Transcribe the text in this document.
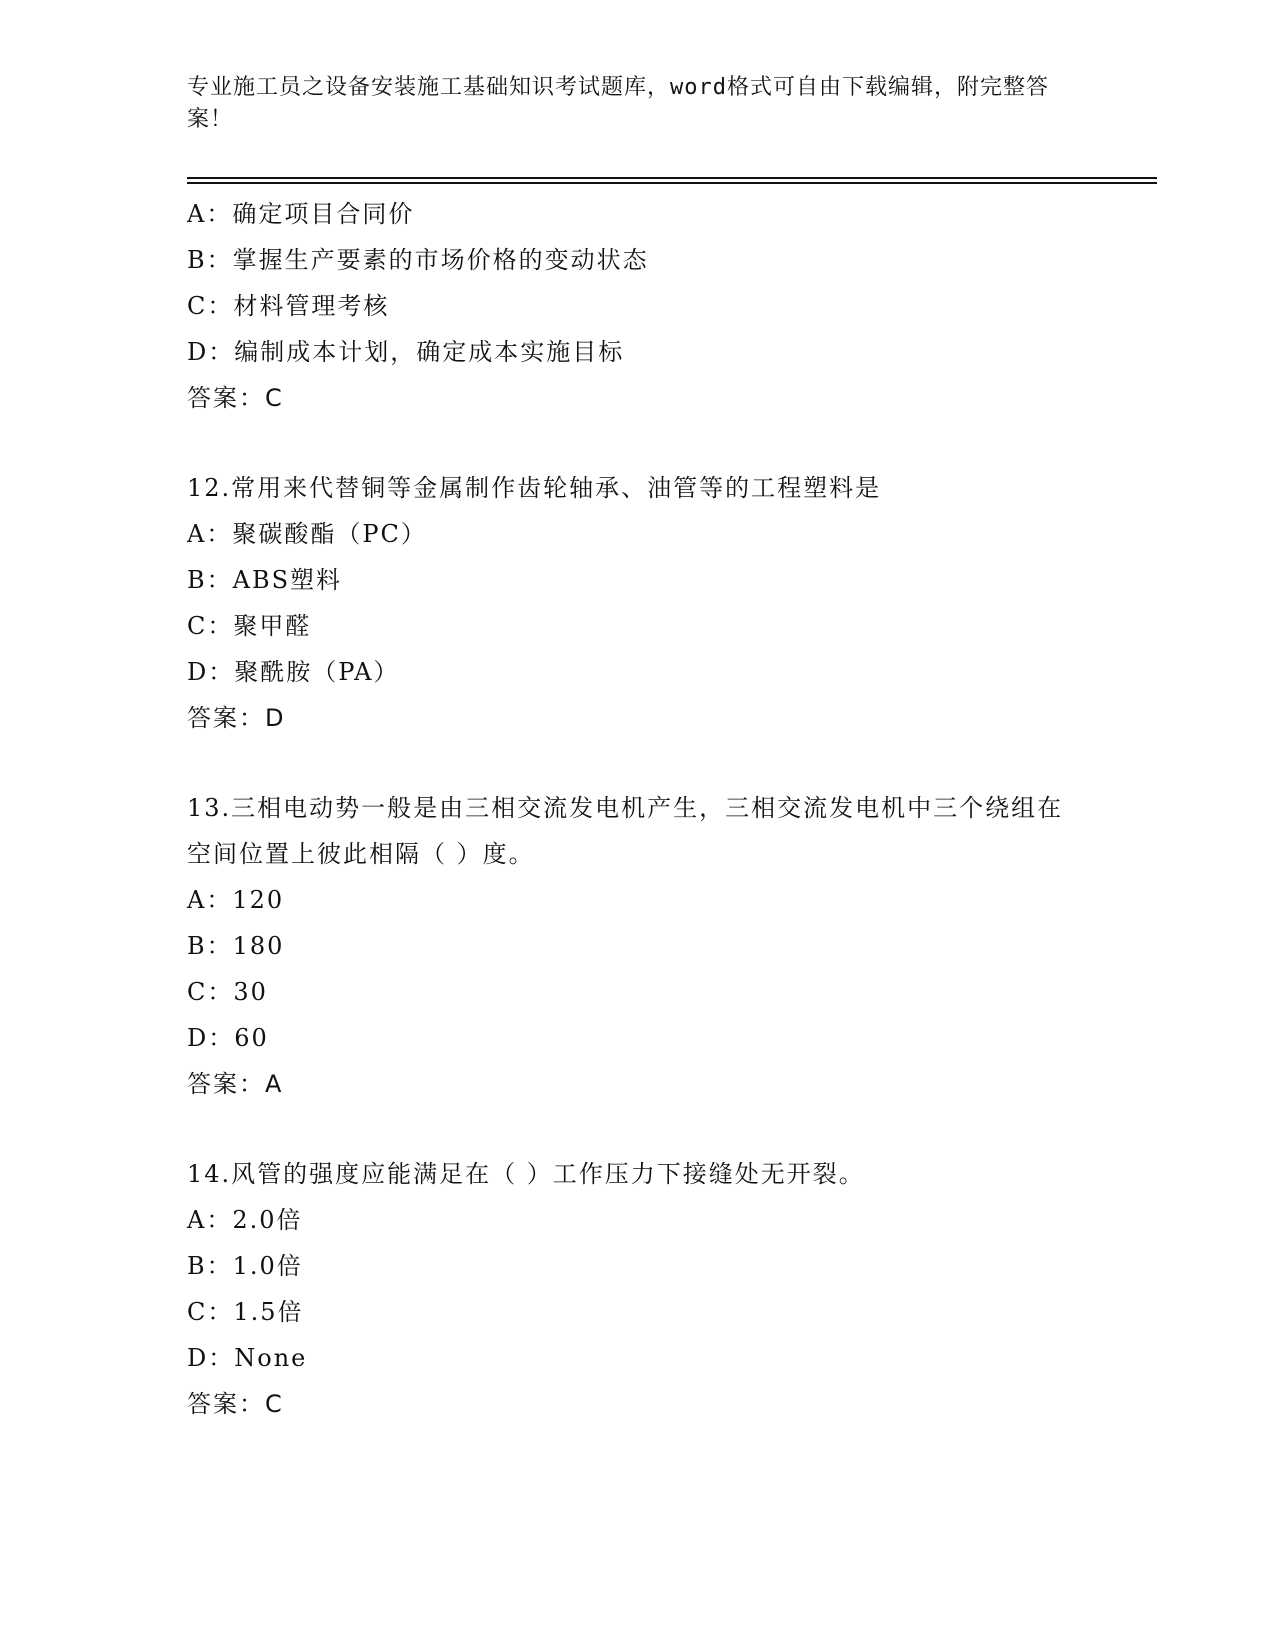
专业施工员之设备安装施工基础知识考试题库，word格式可自由下载编辑，附完整答案！
A：确定项目合同价
B：掌握生产要素的市场价格的变动状态
C：材料管理考核
D：编制成本计划，确定成本实施目标
答案：C
12.常用来代替铜等金属制作齿轮轴承、油管等的工程塑料是
A：聚碳酸酯（PC）
B：ABS塑料
C：聚甲醛
D：聚酰胺（PA）
答案：D
13.三相电动势一般是由三相交流发电机产生，三相交流发电机中三个绕组在空间位置上彼此相隔（ ）度。
A：120
B：180
C：30
D：60
答案：A
14.风管的强度应能满足在（ ）工作压力下接缝处无开裂。
A：2.0倍
B：1.0倍
C：1.5倍
D：None
答案：C
